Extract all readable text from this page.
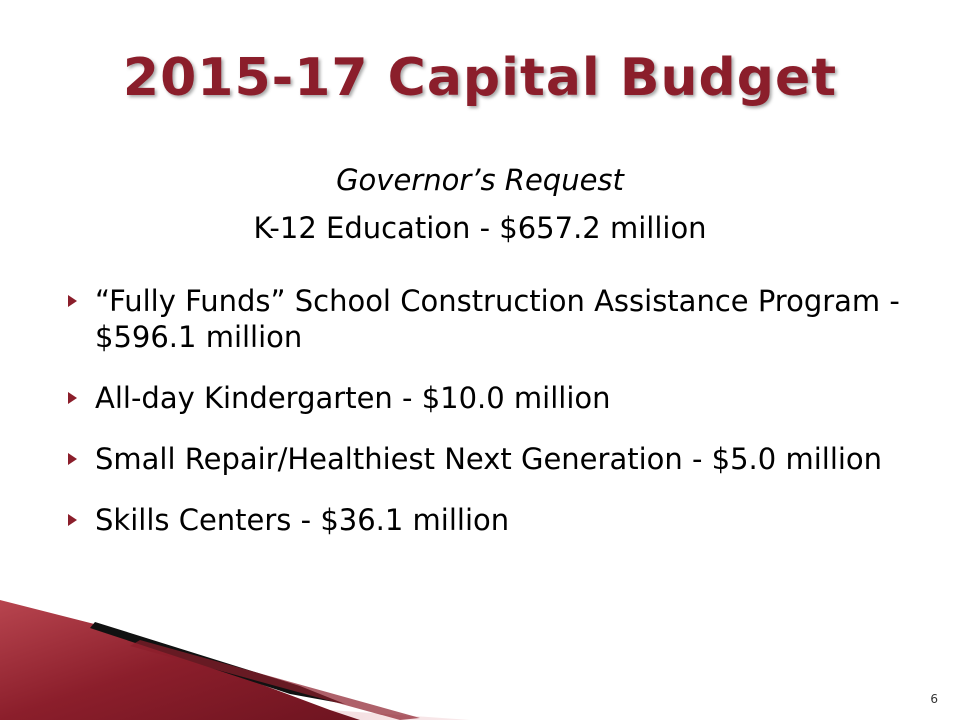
2015-17 Capital Budget
Governor’s Request
K-12 Education - $657.2 million
“Fully Funds” School Construction Assistance Program - $596.1 million
All-day Kindergarten - $10.0 million
Small Repair/Healthiest Next Generation - $5.0 million
Skills Centers - $36.1 million
6
